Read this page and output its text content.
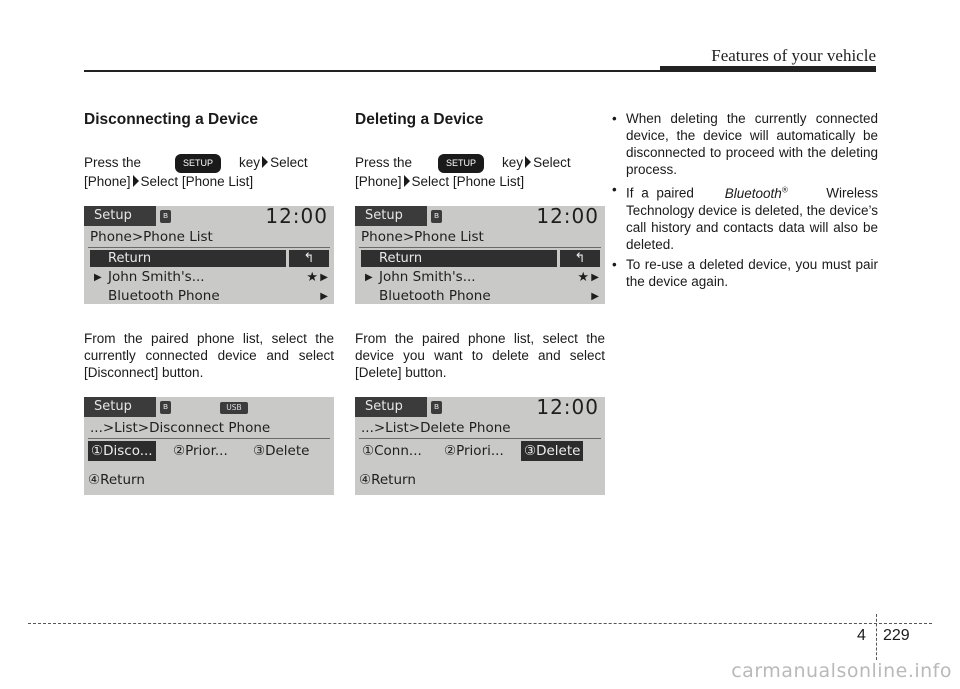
Features of your vehicle
Disconnecting a Device

Press the	SETUP key Select
[Phone] Select [Phone List]

Setup	ʙ	12:00
Phone>Phone List
Return	↰
▶ John Smith's...	★ ▶
Bluetooth Phone	▶

From the paired phone list, select the currently connected device and select [Disconnect] button.

Setup	ʙ	USB
...>List>Disconnect Phone
①Disco... ②Prior... ③Delete
④Return
Deleting a Device

Press the	SETUP key Select
[Phone] Select [Phone List]

Setup	ʙ	12:00
Phone>Phone List
Return	↰
▶ John Smith's...	★ ▶
Bluetooth Phone	▶

From the paired phone list, select the device you want to delete and select [Delete] button.

Setup	ʙ	12:00
...>List>Delete Phone
①Conn... ②Priori... ③Delete
④Return
• When deleting the currently connected device, the device will automatically be disconnected to proceed with the deleting process.
• If a paired Bluetooth®	Wireless Technology device is deleted, the device’s call history and contacts data will also be deleted.
• To re-use a deleted device, you must pair the device again.
4 229
carmanualsonline.info
